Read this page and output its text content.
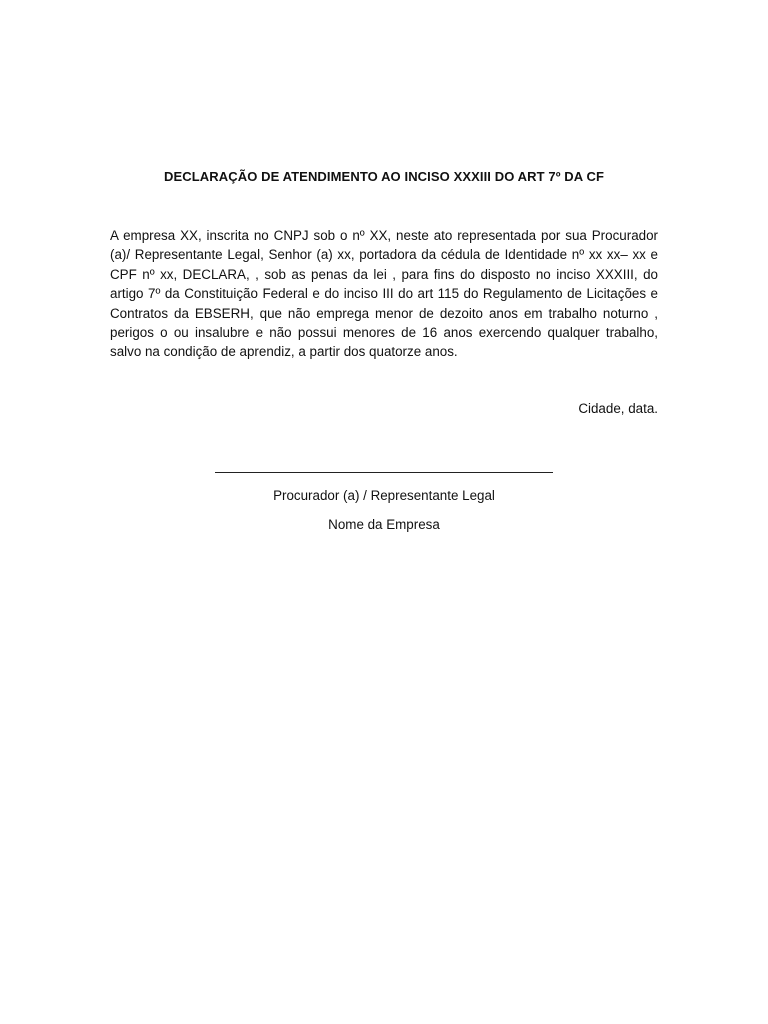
DECLARAÇÃO DE ATENDIMENTO AO INCISO XXXIII DO ART 7º DA CF

A empresa XX, inscrita no CNPJ sob o nº XX, neste ato representada por sua Procurador (a)/ Representante Legal, Senhor (a) xx, portadora da cédula de Identidade nº xx xx– xx e CPF nº xx, DECLARA, , sob as penas da lei , para fins do disposto no inciso XXXIII, do artigo 7º da Constituição Federal e do inciso III do art 115 do Regulamento de Licitações e Contratos da EBSERH, que não emprega menor de dezoito anos em trabalho noturno , perigos o ou insalubre e não possui menores de 16 anos exercendo qualquer trabalho, salvo na condição de aprendiz, a partir dos quatorze anos.

Cidade, data.

Procurador (a) / Representante Legal

Nome da Empresa
